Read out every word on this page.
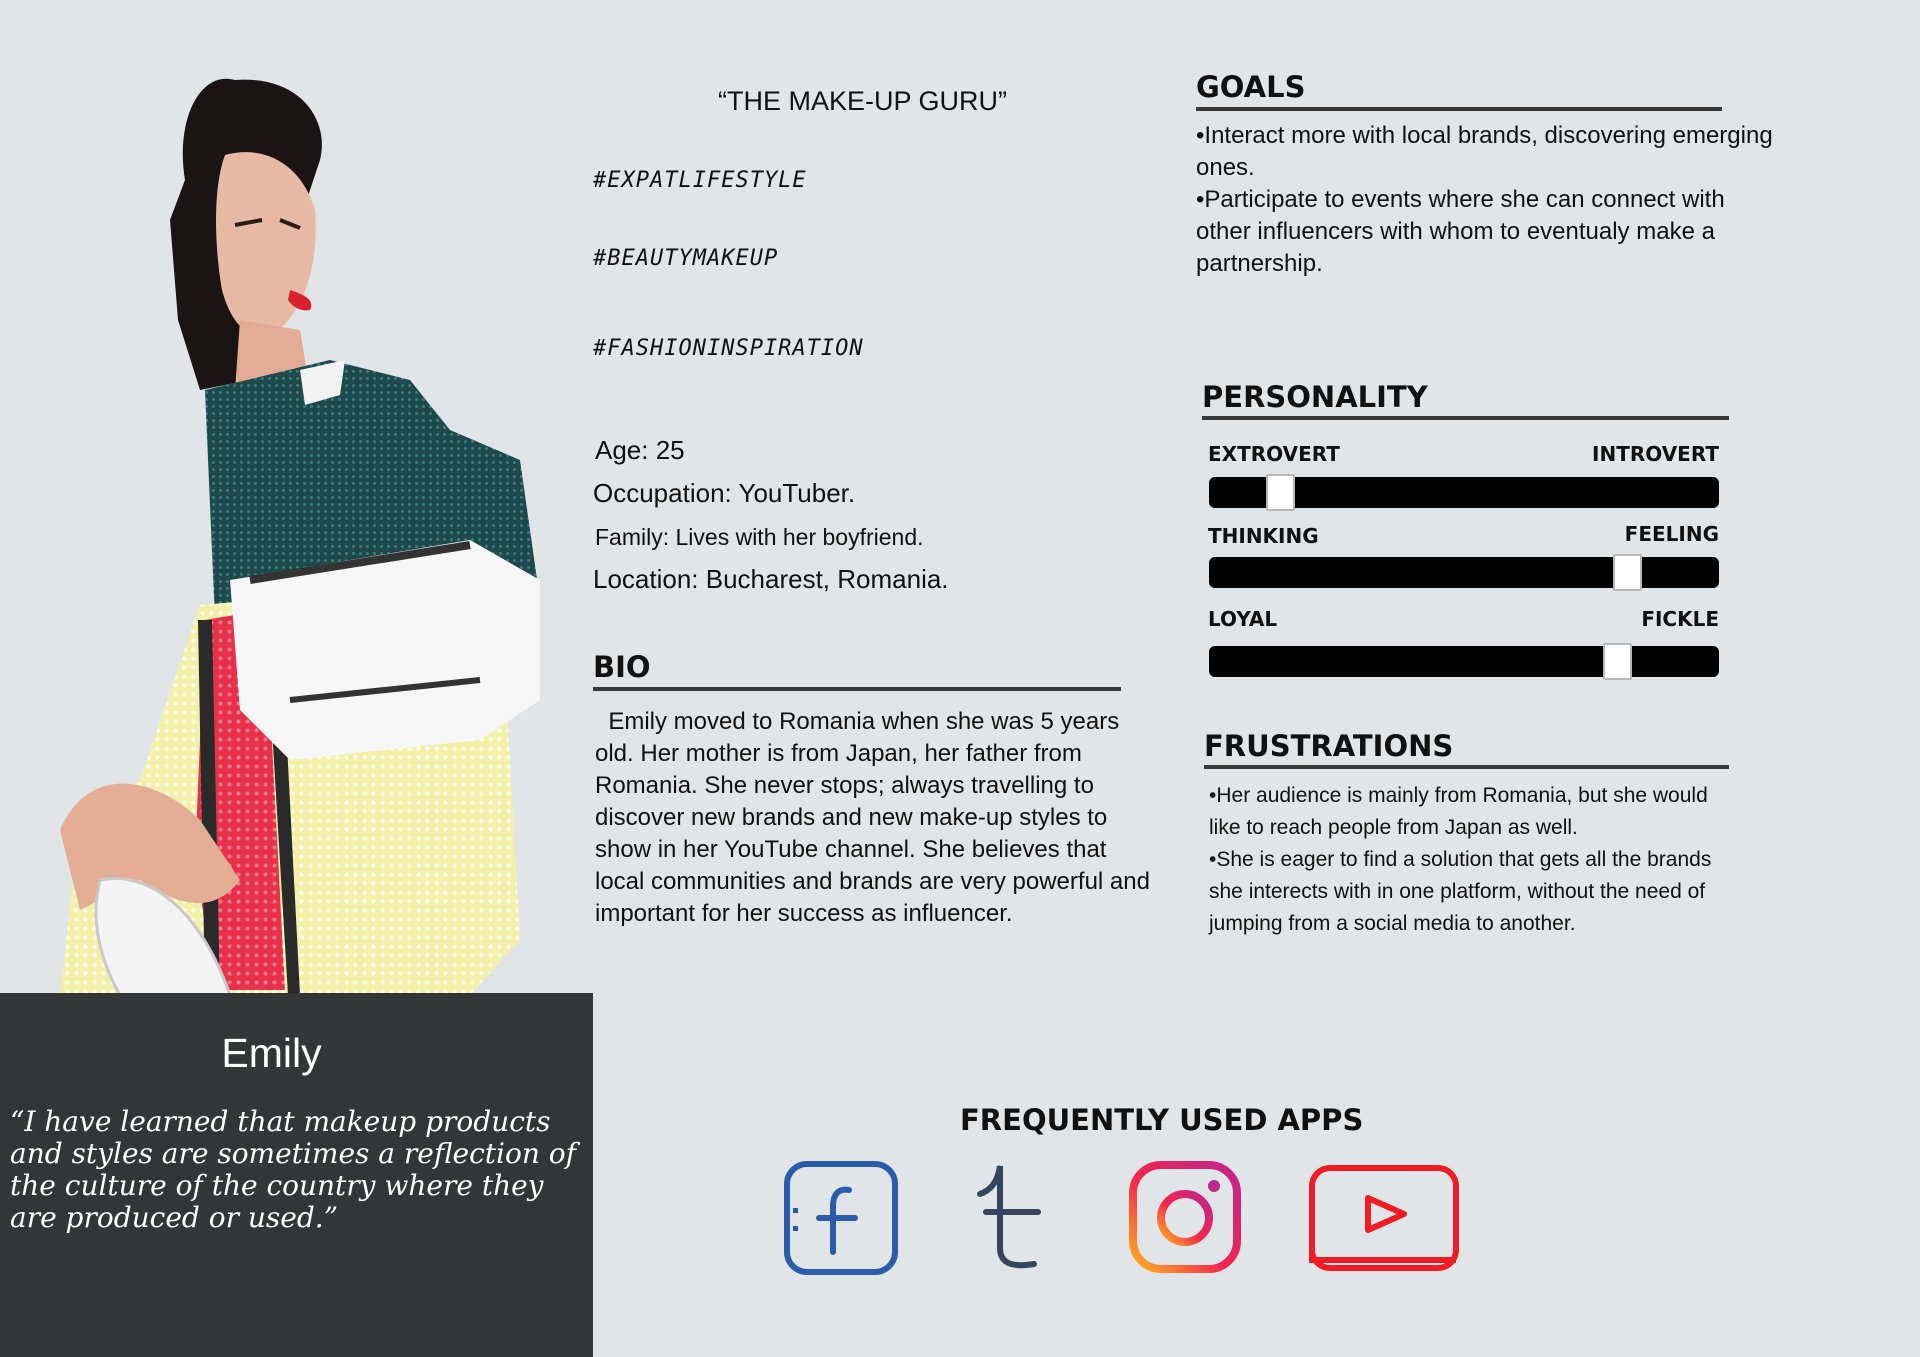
Emily
“I have learned that makeup products and styles are sometimes a reflection of the culture of the country where they are produced or used.”
“THE MAKE-UP GURU”
#EXPATLIFESTYLE
#BEAUTYMAKEUP
#FASHIONINSPIRATION
Age: 25
Occupation: YouTuber.
Family: Lives with her boyfriend.
Location: Bucharest, Romania.
BIO
Emily moved to Romania when she was 5 years old. Her mother is from Japan, her father from Romania. She never stops; always travelling to discover new brands and new make-up styles to show in her YouTube channel. She believes that local communities and brands are very powerful and important for her success as influencer.
GOALS
•Interact more with local brands, discovering emerging ones.
•Participate to events where she can connect with other influencers with whom to eventualy make a partnership.
PERSONALITY
EXTROVERT	INTROVERT
THINKING	FEELING
LOYAL	FICKLE
FRUSTRATIONS
•Her audience is mainly from Romania, but she would like to reach people from Japan as well.
•She is eager to find a solution that gets all the brands she interects with in one platform, without the need of jumping from a social media to another.
FREQUENTLY USED APPS
